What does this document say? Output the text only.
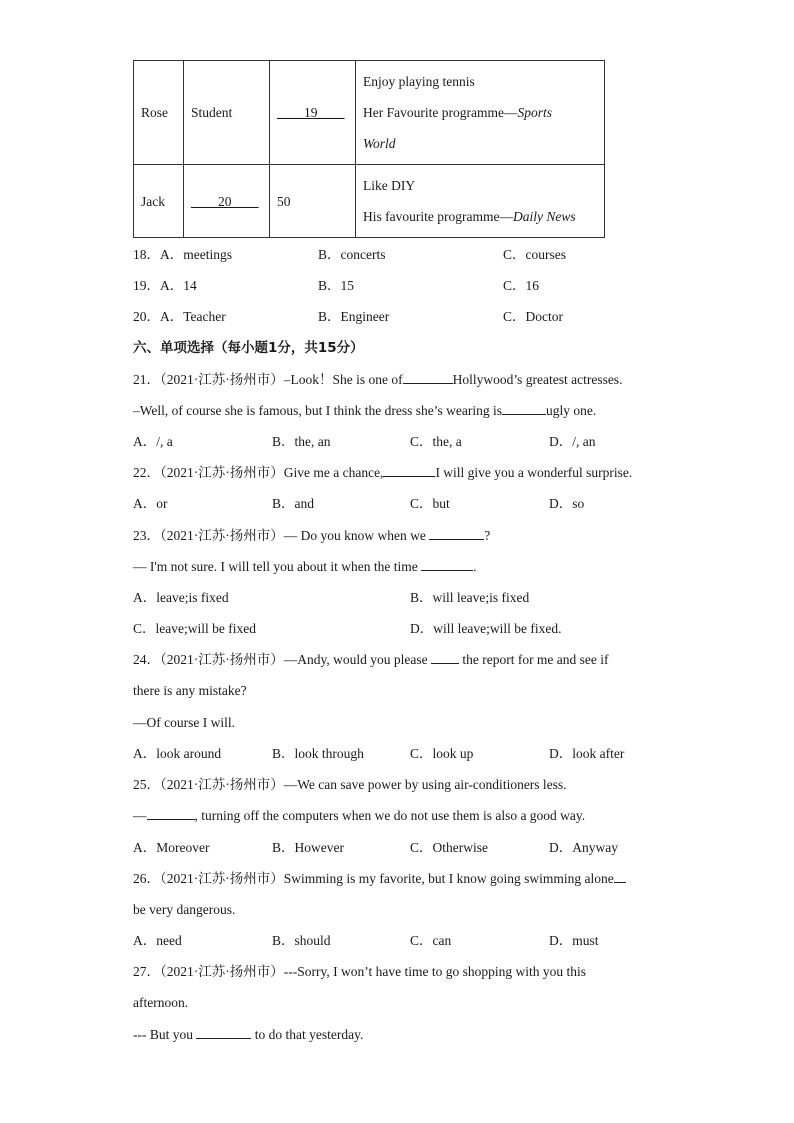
Rose	Student	____19____	Enjoy playing tennis
Her Favourite programme—Sports
World

Jack	____20____	50	Like DIY
His favourite programme—Daily News
18． A．meetings	B．concerts	C．courses
19． A．14	B．15	C．16
20． A．Teacher	B．Engineer	C．Doctor
六、单项选择（每小题1分，共15分）
21．（2021·江苏·扬州市）–Look！She is one of	Hollywood’s greatest actresses.
–Well, of course she is famous, but I think the dress she’s wearing is	ugly one.
A．/, a	B．the, an	C．the, a	D．/, an
22．（2021·江苏·扬州市）Give me a chance,	I will give you a wonderful surprise.
A．or	B．and	C．but	D．so
23．（2021·江苏·扬州市）— Do you know when we	?
— I'm not sure. I will tell you about it when the time	.
A．leave;is fixed	B．will leave;is fixed
C．leave;will be fixed	D．will leave;will be fixed.
24．（2021·江苏·扬州市）—Andy, would you please	the report for me and see if
there is any mistake?
—Of course I will.
A．look around	B．look through	C．look up	D．look after
25．（2021·江苏·扬州市）—We can save power by using air-conditioners less.
—	, turning off the computers when we do not use them is also a good way.
A．Moreover	B．However	C．Otherwise	D．Anyway
26．（2021·江苏·扬州市）Swimming is my favorite, but I know going swimming alone
be very dangerous.
A．need	B．should	C．can	D．must
27．（2021·江苏·扬州市）---Sorry, I won’t have time to go shopping with you this
afternoon.
--- But you	to do that yesterday.
